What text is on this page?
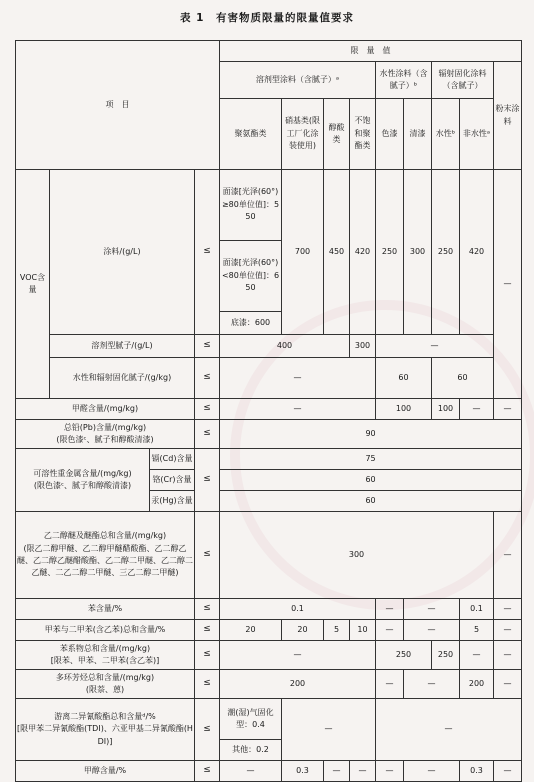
表 1　有害物质限量的限量值要求
项　目				限　量　值								
				溶剂型涂料（含腻子）ᵃ				水性涂料（含腻子）ᵇ		辐射固化涂料（含腻子）		粉末涂料
				聚氨酯类	硝基类(限工厂化涂装使用)	醇酸类	不饱和聚酯类	色漆	清漆	水性ᵇ	非水性ᵃ	
VOC含量	涂料/(g/L)		≤	面漆[光泽(60°)≥80单位值]：550	700	450	420	250	300	250	420	—
				面漆[光泽(60°)<80单位值]：650								
				底漆：600								
	溶剂型腻子/(g/L)		≤	400			300	—				
	水性和辐射固化腻子/(g/kg)		≤	—				60		60		
甲醛含量/(mg/kg)			≤	—				100		100	—	—
总铅(Pb)含量/(mg/kg)
(限色漆ᶜ、腻子和醇酸清漆)			≤	90								
可溶性重金属含量/(mg/kg)
(限色漆ᶜ、腻子和醇酸清漆)		镉(Cd)含量	≤	75								
		铬(Cr)含量		60								
		汞(Hg)含量		60								
乙二醇醚及醚酯总和含量/(mg/kg)
(限乙二醇甲醚、乙二醇甲醚醋酸酯、乙二醇乙醚、乙二醇乙醚醋酸酯、乙二醇二甲醚、乙二醇二乙醚、二乙二醇二甲醚、三乙二醇二甲醚)			≤	300								—
苯含量/%			≤	0.1				—	—		0.1	—
甲苯与二甲苯(含乙苯)总和含量/%			≤	20	20	5	10	—	—		5	—
苯系物总和含量/(mg/kg)
[限苯、甲苯、二甲苯(含乙苯)]			≤	—				250		250	—	—
多环芳烃总和含量/(mg/kg)
(限萘、蒽)			≤	200				—	—		200	—
游离二异氰酸酯总和含量ᵈ/%
[限甲苯二异氰酸酯(TDI)、六亚甲基二异氰酸酯(HDI)]			≤	潮(湿)气固化型：0.4	—			—				
				其他：0.2								
甲醇含量/%			≤	—	0.3	—	—	—	—		0.3	—
